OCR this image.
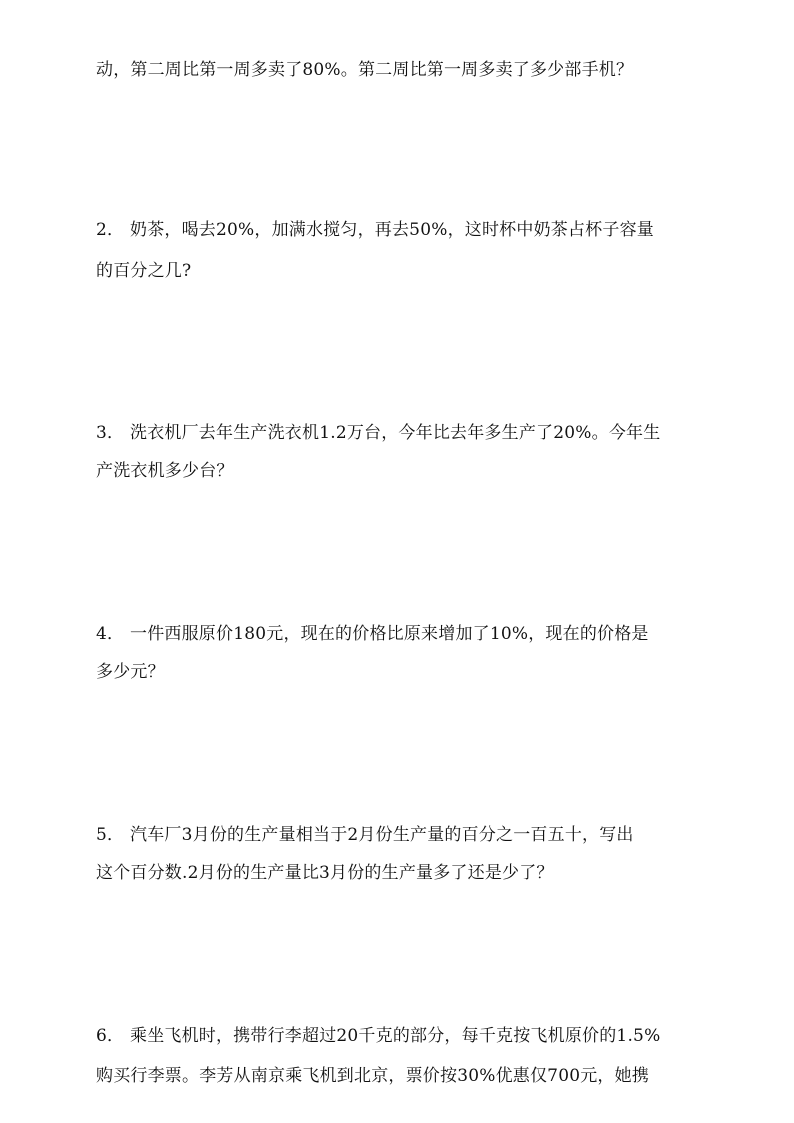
动，第二周比第一周多卖了80%。第二周比第一周多卖了多少部手机？
2． 奶茶，喝去20%，加满水搅匀，再去50%，这时杯中奶茶占杯子容量
的百分之几?
3． 洗衣机厂去年生产洗衣机1.2万台，今年比去年多生产了20%。今年生
产洗衣机多少台？
4． 一件西服原价180元，现在的价格比原来增加了10%，现在的价格是
多少元？
5． 汽车厂3月份的生产量相当于2月份生产量的百分之一百五十，写出
这个百分数.2月份的生产量比3月份的生产量多了还是少了？
6． 乘坐飞机时，携带行李超过20千克的部分，每千克按飞机原价的1.5%
购买行李票。李芳从南京乘飞机到北京，票价按30%优惠仅700元，她携
